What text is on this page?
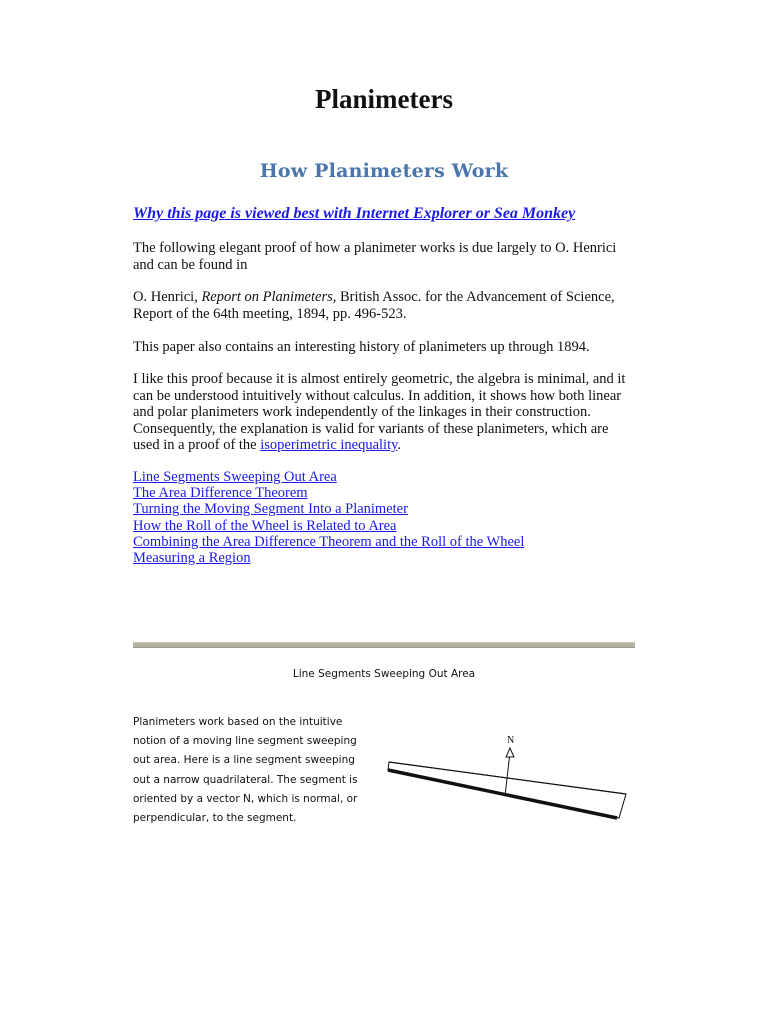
Planimeters
How Planimeters Work
Why this page is viewed best with Internet Explorer or Sea Monkey

The following elegant proof of how a planimeter works is due largely to O. Henrici and can be found in

O. Henrici, Report on Planimeters, British Assoc. for the Advancement of Science, Report of the 64th meeting, 1894, pp. 496-523.

This paper also contains an interesting history of planimeters up through 1894.

I like this proof because it is almost entirely geometric, the algebra is minimal, and it can be understood intuitively without calculus. In addition, it shows how both linear and polar planimeters work independently of the linkages in their construction. Consequently, the explanation is valid for variants of these planimeters, which are used in a proof of the isoperimetric inequality.

Line Segments Sweeping Out Area
The Area Difference Theorem
Turning the Moving Segment Into a Planimeter
How the Roll of the Wheel is Related to Area
Combining the Area Difference Theorem and the Roll of the Wheel
Measuring a Region
Line Segments Sweeping Out Area

Planimeters work based on the intuitive notion of a moving line segment sweeping out area. Here is a line segment sweeping out a narrow quadrilateral. The segment is oriented by a vector N, which is normal, or perpendicular, to the segment.

N
